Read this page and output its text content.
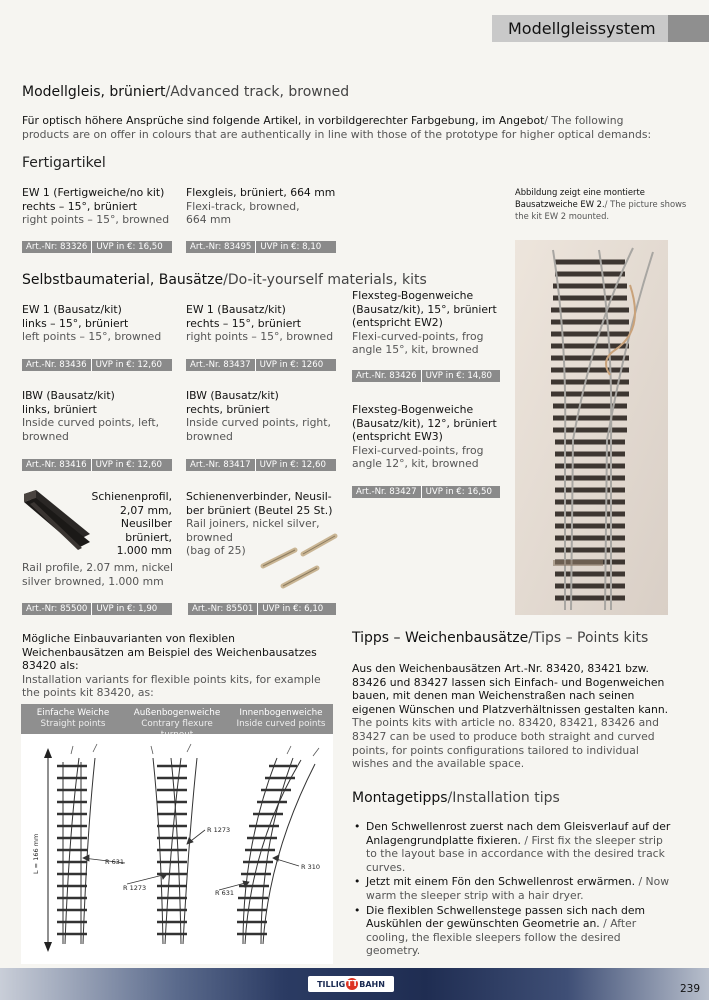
Modellgleissystem
Modellgleis, brüniert/Advanced track, browned
Für optisch höhere Ansprüche sind folgende Artikel, in vorbildgerechter Farbgebung, im Angebot/ The following products are on offer in colours that are authentically in line with those of the prototype for higher optical demands:
Fertigartikel
EW 1 (Fertigweiche/no kit)
rechts – 15°, brüniert
right points – 15°, browned
Art.-Nr: 83326	UVP in €: 16,50
Flexgleis, brüniert, 664 mm
Flexi-track, browned,
664 mm
Art.-Nr: 83495	UVP in €: 8,10
Abbildung zeigt eine montierte Bausatzweiche EW 2./ The picture shows the kit EW 2 mounted.
Selbstbaumaterial, Bausätze/Do-it-yourself materials, kits
EW 1 (Bausatz/kit)
links – 15°, brüniert
left points – 15°, browned
Art.-Nr. 83436	UVP in €: 12,60
EW 1 (Bausatz/kit)
rechts – 15°, brüniert
right points – 15°, browned
Art.-Nr. 83437	UVP in €: 1260
Flexsteg-Bogenweiche
(Bausatz/kit), 15°, brüniert
(entspricht EW2)
Flexi-curved-points, frog
angle 15°, kit, browned
Art.-Nr. 83426	UVP in €: 14,80
IBW (Bausatz/kit)
links, brüniert
Inside curved points, left,
browned
Art.-Nr. 83416	UVP in €: 12,60
IBW (Bausatz/kit)
rechts, brüniert
Inside curved points, right,
browned
Art.-Nr. 83417	UVP in €: 12,60
Flexsteg-Bogenweiche
(Bausatz/kit), 12°, brüniert
(entspricht EW3)
Flexi-curved-points, frog
angle 12°, kit, browned
Art.-Nr. 83427	UVP in €: 16,50
Schienenprofil,
2,07 mm,
Neusilber
brüniert,
1.000 mm
Rail profile, 2.07 mm, nickel
silver browned, 1.000 mm
Art.-Nr: 85500	UVP in €: 1,90
Schienenverbinder, Neusil-
ber brüniert (Beutel 25 St.)
Rail joiners, nickel silver,
browned
(bag of 25)
Art.-Nr: 85501	UVP in €: 6,10
Mögliche Einbauvarianten von flexiblen Weichenbausätzen am Beispiel des Weichenbausatzes 83420 als:
Installation variants for flexible points kits, for example the points kit 83420, as:
Einfache Weiche
Straight points
Außenbogenweiche
Contrary flexure
Innenbogenweiche
Inside curved points
L = 166 mm	R 631
R 1273
R 1273
R 631
R 310
Tipps – Weichenbausätze/Tips – Points kits
Aus den Weichenbausätzen Art.-Nr. 83420, 83421 bzw. 83426 und 83427 lassen sich Einfach- und Bogenweichen bauen, mit denen man Weichenstraßen nach seinen eigenen Wünschen und Platzverhältnissen gestalten kann.
The points kits with article no. 83420, 83421, 83426 and 83427 can be used to produce both straight and curved points, for points configurations tailored to individual wishes and the available space.
Montagetipps/Installation tips
• Den Schwellenrost zuerst nach dem Gleisverlauf auf der Anlagengrundplatte fixieren. / First fix the sleeper strip to the layout base in accordance with the desired track curves.
• Jetzt mit einem Fön den Schwellenrost erwärmen. / Now warm the sleeper strip with a hair dryer.
• Die flexiblen Schwellenstege passen sich nach dem Auskühlen der gewünschten Geometrie an. / After cooling, the flexible sleepers follow the desired geometry.
TILLIG TT BAHN	239
